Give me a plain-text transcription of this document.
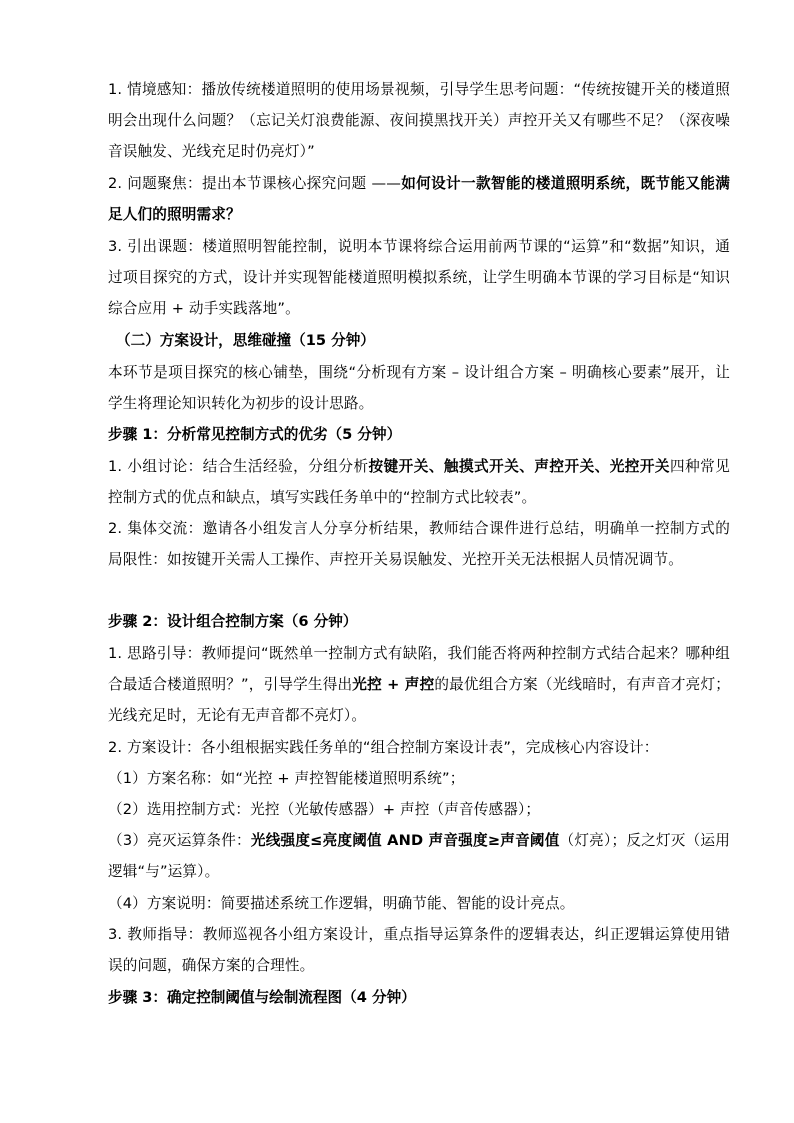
1. 情境感知：播放传统楼道照明的使用场景视频，引导学生思考问题：“传统按键开关的楼道照明会出现什么问题？（忘记关灯浪费能源、夜间摸黑找开关）声控开关又有哪些不足？（深夜噪音误触发、光线充足时仍亮灯）”
2. 问题聚焦：提出本节课核心探究问题 ——如何设计一款智能的楼道照明系统，既节能又能满足人们的照明需求？
3. 引出课题：楼道照明智能控制，说明本节课将综合运用前两节课的“运算”和“数据”知识，通过项目探究的方式，设计并实现智能楼道照明模拟系统，让学生明确本节课的学习目标是“知识综合应用 + 动手实践落地”。
（二）方案设计，思维碰撞（15 分钟）
本环节是项目探究的核心铺垫，围绕“分析现有方案 – 设计组合方案 – 明确核心要素”展开，让学生将理论知识转化为初步的设计思路。
步骤 1：分析常见控制方式的优劣（5 分钟）
1. 小组讨论：结合生活经验，分组分析按键开关、触摸式开关、声控开关、光控开关四种常见控制方式的优点和缺点，填写实践任务单中的“控制方式比较表”。
2. 集体交流：邀请各小组发言人分享分析结果，教师结合课件进行总结，明确单一控制方式的局限性：如按键开关需人工操作、声控开关易误触发、光控开关无法根据人员情况调节。
步骤 2：设计组合控制方案（6 分钟）
1. 思路引导：教师提问“既然单一控制方式有缺陷，我们能否将两种控制方式结合起来？哪种组合最适合楼道照明？”，引导学生得出光控 + 声控的最优组合方案（光线暗时，有声音才亮灯；光线充足时，无论有无声音都不亮灯）。
2. 方案设计：各小组根据实践任务单的“组合控制方案设计表”，完成核心内容设计：
（1）方案名称：如“光控 + 声控智能楼道照明系统”；
（2）选用控制方式：光控（光敏传感器）+ 声控（声音传感器）；
（3）亮灭运算条件：光线强度≤亮度阈值 AND 声音强度≥声音阈值（灯亮）；反之灯灭（运用逻辑“与”运算）。
（4）方案说明：简要描述系统工作逻辑，明确节能、智能的设计亮点。
3. 教师指导：教师巡视各小组方案设计，重点指导运算条件的逻辑表达，纠正逻辑运算使用错误的问题，确保方案的合理性。
步骤 3：确定控制阈值与绘制流程图（4 分钟）
